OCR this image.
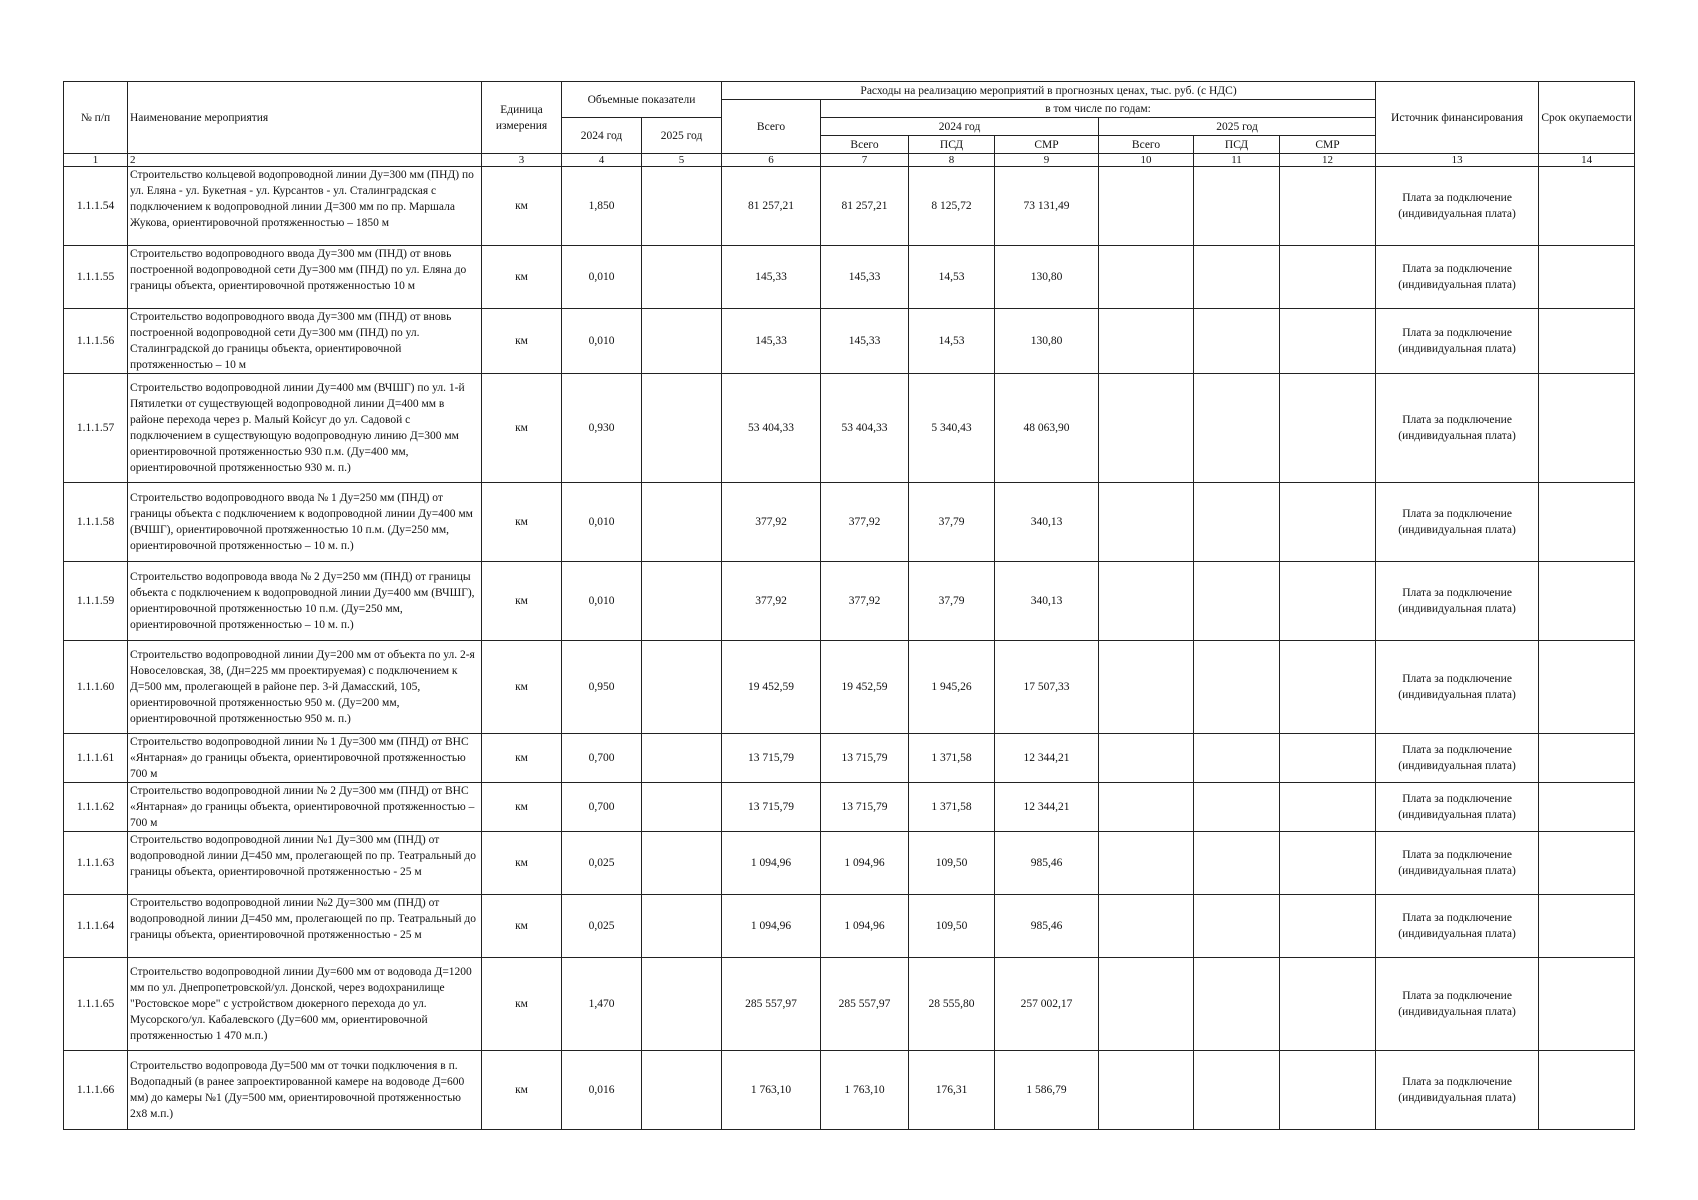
№ п/п	Наименование мероприятия	Единица измерения	Объемные показатели		Расходы на реализацию мероприятий в прогнозных ценах, тыс. руб. (с НДС)							Источник финансирования	Срок окупаемости
					Всего	в том числе по годам:							
			2024 год	2025 год		2024 год			2025 год				
						Всего	ПСД	СМР	Всего	ПСД	СМР		
1	2	3	4	5	6	7	8	9	10	11	12	13	14
1.1.1.54	Строительство кольцевой водопроводной линии Ду=300 мм (ПНД) по ул. Еляна - ул. Букетная - ул. Курсантов - ул. Сталинградская с подключением к водопроводной линии Д=300 мм по пр. Маршала Жукова, ориентировочной протяженностью – 1850 м	км	1,850		81 257,21	81 257,21	8 125,72	73 131,49				Плата за подключение (индивидуальная плата)	
1.1.1.55	Строительство водопроводного ввода Ду=300 мм (ПНД) от вновь построенной водопроводной сети Ду=300 мм (ПНД) по ул. Еляна до границы объекта, ориентировочной протяженностью 10 м	км	0,010		145,33	145,33	14,53	130,80				Плата за подключение (индивидуальная плата)	
1.1.1.56	Строительство водопроводного ввода Ду=300 мм (ПНД) от вновь построенной водопроводной сети Ду=300 мм (ПНД) по ул. Сталинградской до границы объекта, ориентировочной протяженностью – 10 м	км	0,010		145,33	145,33	14,53	130,80				Плата за подключение (индивидуальная плата)	
1.1.1.57	Строительство водопроводной линии Ду=400 мм (ВЧШГ) по ул. 1-й Пятилетки от существующей водопроводной линии Д=400 мм в районе перехода через р. Малый Койсуг до ул. Садовой с подключением в существующую водопроводную линию Д=300 мм ориентировочной протяженностью 930 п.м. (Ду=400 мм, ориентировочной протяженностью 930 м. п.)	км	0,930		53 404,33	53 404,33	5 340,43	48 063,90				Плата за подключение (индивидуальная плата)	
1.1.1.58	Строительство водопроводного ввода № 1 Ду=250 мм (ПНД) от границы объекта с подключением к водопроводной линии Ду=400 мм (ВЧШГ), ориентировочной протяженностью 10 п.м. (Ду=250 мм, ориентировочной протяженностью – 10 м. п.)	км	0,010		377,92	377,92	37,79	340,13				Плата за подключение (индивидуальная плата)	
1.1.1.59	Строительство водопровода ввода № 2 Ду=250 мм (ПНД) от границы объекта с подключением к водопроводной линии Ду=400 мм (ВЧШГ), ориентировочной протяженностью 10 п.м. (Ду=250 мм, ориентировочной протяженностью – 10 м. п.)	км	0,010		377,92	377,92	37,79	340,13				Плата за подключение (индивидуальная плата)	
1.1.1.60	Строительство водопроводной линии Ду=200 мм от объекта по ул. 2-я Новоселовская, 38, (Дн=225 мм проектируемая) с подключением к Д=500 мм, пролегающей в районе пер. 3-й Дамасский, 105, ориентировочной протяженностью 950 м. (Ду=200 мм, ориентировочной протяженностью 950 м. п.)	км	0,950		19 452,59	19 452,59	1 945,26	17 507,33				Плата за подключение (индивидуальная плата)	
1.1.1.61	Строительство водопроводной линии № 1 Ду=300 мм (ПНД) от ВНС «Янтарная» до границы объекта, ориентировочной протяженностью 700 м	км	0,700		13 715,79	13 715,79	1 371,58	12 344,21				Плата за подключение (индивидуальная плата)	
1.1.1.62	Строительство водопроводной линии № 2 Ду=300 мм (ПНД) от ВНС «Янтарная» до границы объекта, ориентировочной протяженностью – 700 м	км	0,700		13 715,79	13 715,79	1 371,58	12 344,21				Плата за подключение (индивидуальная плата)	
1.1.1.63	Строительство водопроводной линии №1 Ду=300 мм (ПНД) от водопроводной линии Д=450 мм, пролегающей по пр. Театральный до границы объекта, ориентировочной протяженностью - 25 м	км	0,025		1 094,96	1 094,96	109,50	985,46				Плата за подключение (индивидуальная плата)	
1.1.1.64	Строительство водопроводной линии №2 Ду=300 мм (ПНД) от водопроводной линии Д=450 мм, пролегающей по пр. Театральный до границы объекта, ориентировочной протяженностью - 25 м	км	0,025		1 094,96	1 094,96	109,50	985,46				Плата за подключение (индивидуальная плата)	
1.1.1.65	Строительство водопроводной линии Ду=600 мм от водовода Д=1200 мм по ул. Днепропетровской/ул. Донской, через водохранилище "Ростовское море" с устройством дюкерного перехода до ул. Мусорского/ул. Кабалевского (Ду=600 мм, ориентировочной протяженностью 1 470 м.п.)	км	1,470		285 557,97	285 557,97	28 555,80	257 002,17				Плата за подключение (индивидуальная плата)	
1.1.1.66	Строительство водопровода Ду=500 мм от точки подключения в п. Водопадный (в ранее запроектированной камере на водоводе Д=600 мм) до камеры №1 (Ду=500 мм, ориентировочной протяженностью 2х8 м.п.)	км	0,016		1 763,10	1 763,10	176,31	1 586,79				Плата за подключение (индивидуальная плата)	
